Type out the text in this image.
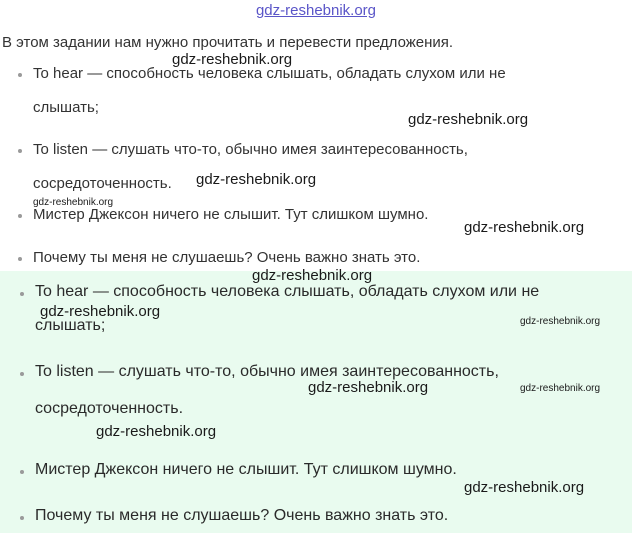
gdz-reshebnik.org
В этом задании нам нужно прочитать и перевести предложения.
To hear — способность человека слышать, обладать слухом или не
слышать;
To listen — слушать что-то, обычно имея заинтересованность,
сосредоточенность.
Мистер Джексон ничего не слышит. Тут слишком шумно.
Почему ты меня не слушаешь? Очень важно знать это.
To hear — способность человека слышать, обладать слухом или не
слышать;
To listen — слушать что-то, обычно имея заинтересованность,
сосредоточенность.
Мистер Джексон ничего не слышит. Тут слишком шумно.
Почему ты меня не слушаешь? Очень важно знать это.
gdz-reshebnik.org
gdz-reshebnik.org
gdz-reshebnik.org
gdz-reshebnik.org
gdz-reshebnik.org
gdz-reshebnik.org
gdz-reshebnik.org
gdz-reshebnik.org
gdz-reshebnik.org	gdz-reshebnik.org
gdz-reshebnik.org
gdz-reshebnik.org
